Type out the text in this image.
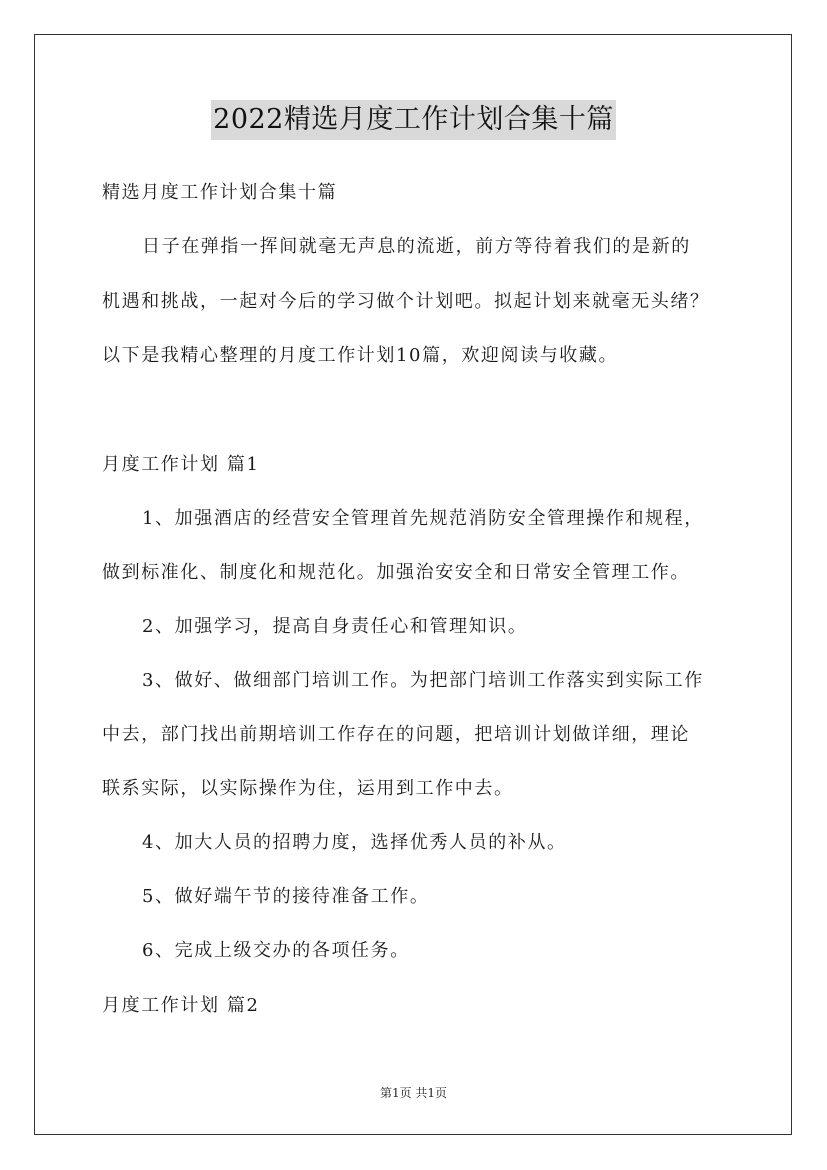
2022精选月度工作计划合集十篇
精选月度工作计划合集十篇
日子在弹指一挥间就毫无声息的流逝，前方等待着我们的是新的
机遇和挑战，一起对今后的学习做个计划吧。拟起计划来就毫无头绪？
以下是我精心整理的月度工作计划10篇，欢迎阅读与收藏。
月度工作计划 篇1
1、加强酒店的经营安全管理首先规范消防安全管理操作和规程，
做到标准化、制度化和规范化。加强治安安全和日常安全管理工作。
2、加强学习，提高自身责任心和管理知识。
3、做好、做细部门培训工作。为把部门培训工作落实到实际工作
中去，部门找出前期培训工作存在的问题，把培训计划做详细，理论
联系实际，以实际操作为住，运用到工作中去。
4、加大人员的招聘力度，选择优秀人员的补从。
5、做好端午节的接待准备工作。
6、完成上级交办的各项任务。
月度工作计划 篇2
第1页 共1页
